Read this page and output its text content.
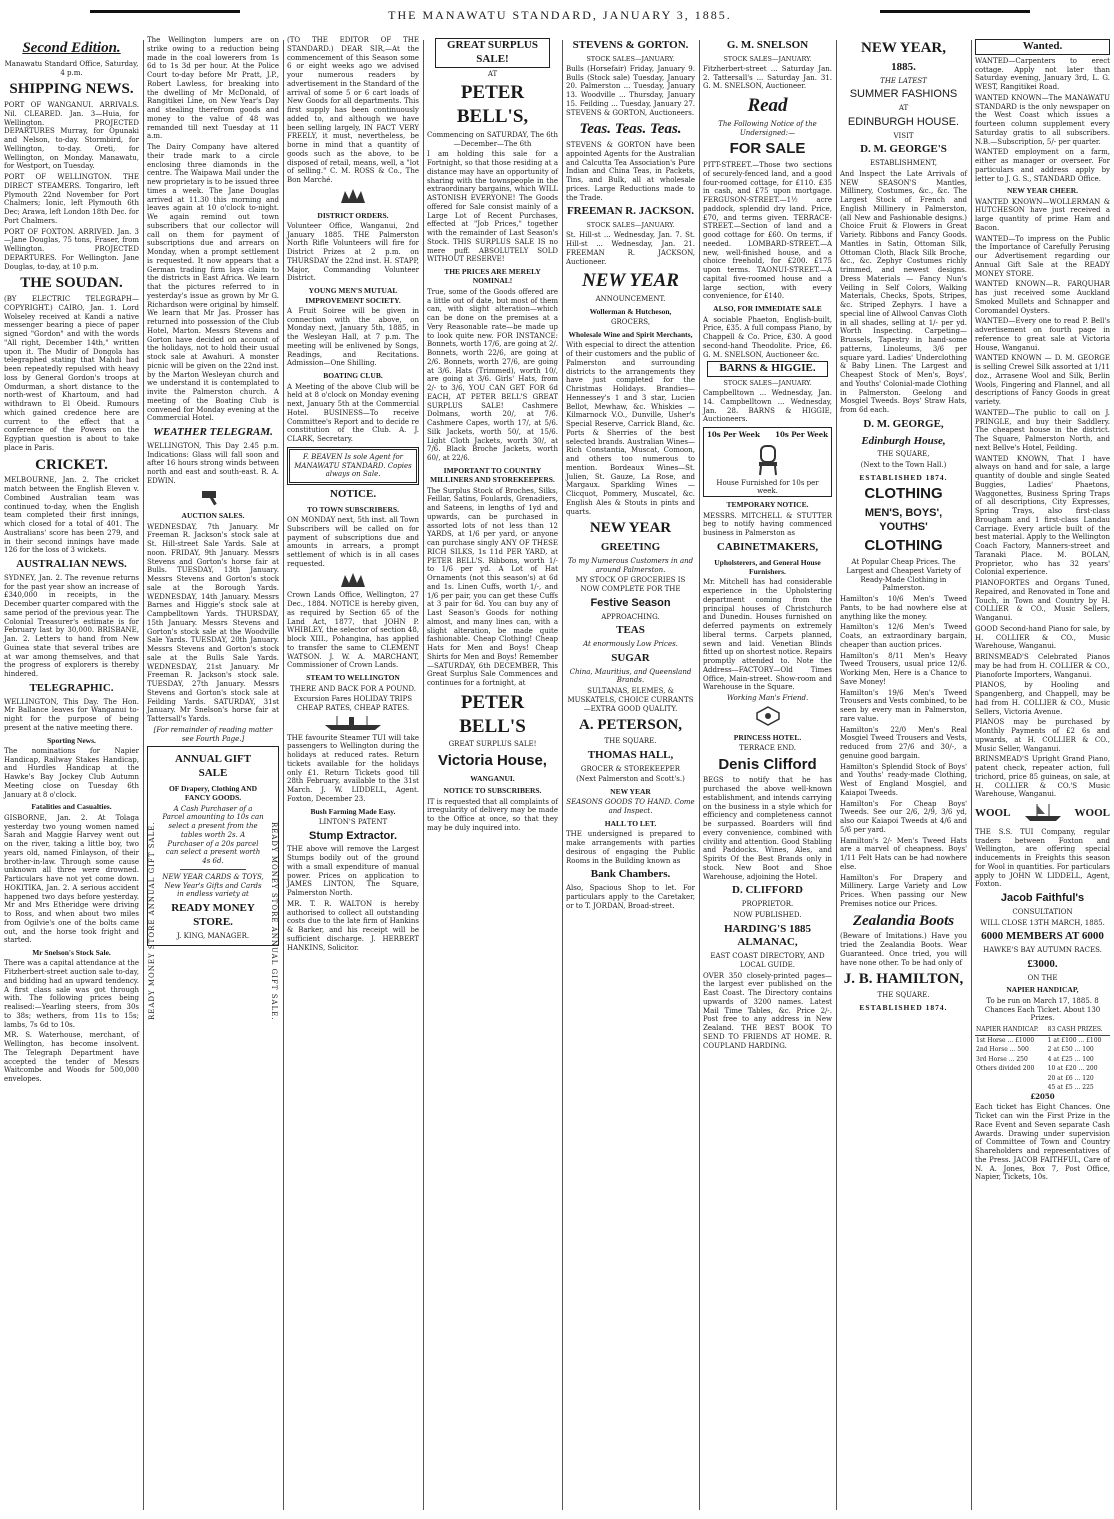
THE MANAWATU STANDARD, JANUARY 3, 1885.
Second Edition.

Manawatu Standard Office, Saturday, 4 p.m.

SHIPPING NEWS.

PORT OF WANGANUI. ARRIVALS. Nil. CLEARED. Jan. 3—Huia, for Wellington. PROJECTED DEPARTURES Murray, for Opunaki and Nelson, to-day. Stormbird, for Wellington, to-day. Oreti, for Wellington, on Monday. Manawatu, for Westport, on Tuesday.

PORT OF WELLINGTON. THE DIRECT STEAMERS. Tongariro, left Plymouth 22nd November for Port Chalmers; Ionic, left Plymouth 6th Dec; Arawa, left London 18th Dec. for Port Chalmers.

PORT OF FOXTON. ARRIVED. Jan. 3—Jane Douglas, 75 tons, Fraser, from Wellington. PROJECTED DEPARTURES. For Wellington. Jane Douglas, to-day, at 10 p.m.

THE SOUDAN.

(BY ELECTRIC TELEGRAPH—COPYRIGHT.) CAIRO, Jan. 1. Lord Wolseley received at Kandi a native messenger bearing a piece of paper signed "Gordon" and with the words "All right, December 14th," written upon it. The Mudir of Dongola has telegraphed stating that Mahdi had been repeatedly repulsed with heavy loss by General Gordon's troops at Omdurman, a short distance to the north-west of Khartoum, and had withdrawn to El Obeid. Rumours which gained credence here are current to the effect that a conference of the Powers on the Egyptian question is about to take place in Paris.

CRICKET.

MELBOURNE, Jan. 2. The cricket match between the English Eleven v. Combined Australian team was continued to-day, when the English team completed their first innings, which closed for a total of 401. The Australians' score has been 279, and in their second innings have made 126 for the loss of 3 wickets.

AUSTRALIAN NEWS.

SYDNEY, Jan. 2. The revenue returns for the past year show an increase of £340,000 in receipts, in the December quarter compared with the same period of the previous year. The Colonial Treasurer's estimate is for February last by 30,000. BRISBANE, Jan. 2. Letters to hand from New Guinea state that several tribes are at war among themselves, and that the progress of explorers is thereby hindered.

TELEGRAPHIC.

WELLINGTON, This Day. The Hon. Mr Ballance leaves for Wanganui to-night for the purpose of being present at the native meeting there.

Sporting News.

The nominations for Napier Handicap, Railway Stakes Handicap, and Hurdles Handicap at the Hawke's Bay Jockey Club Autumn Meeting close on Tuesday 6th January at 8 o'clock.

Fatalities and Casualties.

GISBORNE, Jan. 2. At Tolaga yesterday two young women named Sarah and Maggie Harvey went out on the river, taking a little boy, two years old, named Finlayson, of their brother-in-law. Through some cause unknown all three were drowned. Particulars have not yet come down. HOKITIKA, Jan. 2. A serious accident happened two days before yesterday. Mr and Mrs Etheridge were driving to Ross, and when about two miles from Ogilvie's one of the bolts came out, and the horse took fright and started.

Mr Snelson's Stock Sale.

There was a capital attendance at the Fitzherbert-street auction sale to-day, and bidding had an upward tendency. A first class sale was got through with. The following prices being realised:—Yearling steers, from 30s to 38s; wethers, from 11s to 15s; lambs, 7s 6d to 10s.

MR. S. Waterhouse, merchant, of Wellington, has become insolvent. The Telegraph Department have accepted the tender of Messrs Waitcombe and Woods for 500,000 envelopes.

The Wellington lumpers are on strike owing to a reduction being made in the coal lowerers from 1s 6d to 1s 3d per hour. At the Police Court to-day before Mr Pratt, J.P., Robert Lawless, for breaking into the dwelling of Mr McDonald, of Rangitikei Line, on New Year's Day and stealing therefrom goods and money to the value of 48 was remanded till next Tuesday at 11 a.m.

The Dairy Company have altered their trade mark to a circle enclosing three diamonds in the centre. The Waipawa Mail under the new proprietary is to be issued three times a week. The Jane Douglas arrived at 11.30 this morning and leaves again at 10 o'clock to-night. We again remind out town subscribers that our collector will call on them for payment of subscriptions due and arrears on Monday, when a prompt settlement is requested. It now appears that a German trading firm lays claim to the districts in East Africa. We learn that the pictures referred to in yesterday's issue as grown by Mr G. Richardson were original by himself. We learn that Mr Jas. Prosser has returned into possession of the Club Hotel, Marton. Messrs Stevens and Gorton have decided on account of the holidays, not to hold their usual stock sale at Awahuri. A monster picnic will be given on the 22nd inst. by the Marton Wesleyan church and we understand it is contemplated to invite the Palmerston church. A meeting of the Boating Club is convened for Monday evening at the Commercial Hotel.

WEATHER TELEGRAM.

WELLINGTON, This Day 2.45 p.m. Indications: Glass will fall soon and after 16 hours strong winds between north and east and south-east. R. A. EDWIN.

AUCTION SALES.

WEDNESDAY, 7th January. Mr Freeman R. Jackson's stock sale at St. Hill-street Sale Yards. Sale at noon. FRIDAY, 9th January. Messrs Stevens and Gorton's horse fair at Bulls. TUESDAY, 13th January. Messrs Stevens and Gorton's stock sale at the Borough Yards. WEDNESDAY, 14th January. Messrs Barnes and Higgie's stock sale at Campbelltown Yards. THURSDAY, 15th January. Messrs Stevens and Gorton's stock sale at the Woodville Sale Yards. TUESDAY, 20th January. Messrs Stevens and Gorton's stock sale at the Bulls Sale Yards. WEDNESDAY, 21st January. Mr Freeman R. Jackson's stock sale. TUESDAY, 27th January. Messrs Stevens and Gorton's stock sale at Feilding Yards. SATURDAY, 31st January. Mr Snelson's horse fair at Tattersall's Yards.

[For remainder of reading matter see Fourth Page.]

READY MONEY STORE ANNUAL GIFT SALE.	READY MONEY STORE ANNUAL GIFT SALE.
ANNUAL GIFT SALE
OF Drapery, Clothing AND FANCY GOODS.

A Cash Purchaser of a Parcel amounting to 10s can select a present from the tables worth 2s. A Purchaser of a 20s parcel can select a present worth 4s 6d.

NEW YEAR CARDS & TOYS, New Year's Gifts and Cards in endless variety at

READY MONEY STORE.

J. KING, MANAGER.

(TO THE EDITOR OF THE STANDARD.) DEAR SIR,—At the commencement of this Season some 6 or eight weeks ago we advised your numerous readers by advertisement in the Standard of the arrival of some 5 or 6 cart loads of New Goods for all departments. This first supply has been continuously added to, and although we have been selling largely, IN FACT VERY FREELY, it must, nevertheless, be borne in mind that a quantity of goods such as the above, to be disposed of retail, means, well, a "lot of selling." C. M. ROSS & Co., The Bon Marché.

DISTRICT ORDERS.

Volunteer Office, Wanganui, 2nd January 1885. THE Palmerston North Rifle Volunteers will fire for District Prizes at 2 p.m. on THURSDAY the 22nd inst. H. STAPP, Major, Commanding Volunteer District.

YOUNG MEN'S MUTUAL IMPROVEMENT SOCIETY.

A Fruit Soiree will be given in connection with the above, on Monday next, January 5th, 1885, in the Wesleyan Hall, at 7 p.m. The meeting will be enlivened by Songs, Readings, and Recitations. Admission—One Shilling.

BOATING CLUB.

A Meeting of the above Club will be held at 8 o'clock on Monday evening next, January 5th at the Commercial Hotel. BUSINESS—To receive Committee's Report and to decide re constitution of the Club. A. J. CLARK, Secretary.

F. BEAVEN Is sole Agent for MANAWATU STANDARD. Copies always on Sale.
NOTICE.
TO TOWN SUBSCRIBERS.

ON MONDAY next, 5th inst. all Town Subscribers will be called on for payment of subscriptions due and amounts in arrears, a prompt settlement of which is in all cases requested.

Crown Lands Office, Wellington, 27 Dec., 1884. NOTICE is hereby given, as required by Section 65 of the Land Act, 1877, that JOHN P. WHIBLEY, the selector of section 48, block XIII., Pohangina, has applied to transfer the same to CLEMENT WATSON. J. W. A. MARCHANT, Commissioner of Crown Lands.

STEAM TO WELLINGTON

THERE AND BACK FOR A POUND.

Excursion Fares HOLIDAY TRIPS CHEAP RATES, CHEAP RATES.

THE favourite Steamer TUI will take passengers to Wellington during the holidays at reduced rates. Return tickets available for the holidays only £1. Return Tickets good till 28th February, available to the 31st March. J. W. LIDDELL, Agent. Foxton, December 23.

Bush Farming Made Easy.

LINTON'S PATENT

Stump Extractor.

THE above will remove the Largest Stumps bodily out of the ground with a small expenditure of manual power. Prices on application to JAMES LINTON, The Square, Palmerston North.

MR. T. R. WALTON is hereby authorised to collect all outstanding costs due to the late firm of Hankins & Barker, and his receipt will be sufficient discharge. J. HERBERT HANKINS, Solicitor.

GREAT SURPLUS SALE!

AT

PETER BELL'S,

Commencing on SATURDAY, The 6th—December—The 6th

I am holding this sale for a Fortnight, so that those residing at a distance may have an opportunity of sharing with the townspeople in the extraordinary bargains, which WILL ASTONISH EVERYONE! The Goods offered for Sale consist mainly of a Large Lot of Recent Purchases, effected at "Job Prices," together with the remainder of Last Season's Stock. THIS SURPLUS SALE IS no mere puff. ABSOLUTELY SOLD WITHOUT RESERVE!

THE PRICES ARE MERELY NOMINAL!

True, some of the Goods offered are a little out of date, but most of them can, with slight alteration—which can be done on the premises at a Very Reasonable rate—be made up to look quite new. FOR INSTANCE: Bonnets, worth 17/6, are going at 2/. Bonnets, worth 22/6, are going at 2/6. Bonnets, worth 27/6, are going at 3/6. Hats (Trimmed), worth 10/, are going at 3/6. Girls' Hats, from 2/- to 3/6, YOU CAN GET FOR 6d EACH, AT PETER BELL'S GREAT SURPLUS SALE! Cashmere Dolmans, worth 20/, at 7/6. Cashmere Capes, worth 17/, at 5/6. Silk Jackets, worth 50/, at 15/6. Light Cloth Jackets, worth 30/, at 7/6. Black Broche Jackets, worth 60/, at 22/6.

IMPORTANT TO COUNTRY MILLINERS AND STOREKEEPERS.

The Surplus Stock of Broches, Silks, Feillar, Satins, Foulards, Grenadiers, and Sateens, in lengths of 1yd and upwards, can be purchased in assorted lots of not less than 12 YARDS, at 1/6 per yard, or anyone can purchase singly ANY OF THESE RICH SILKS, 1s 11d PER YARD, at PETER BELL'S. Ribbons, worth 1/- to 1/6 per yd. A Lot of Hat Ornaments (not this season's) at 6d and 1s. Linen Cuffs, worth 1/-, and 1/6 per pair, you can get these Cuffs at 3 pair for 6d. You can buy any of Last Season's Goods for nothing almost, and many lines can, with a slight alteration, be made quite fashionable. Cheap Clothing! Cheap Hats for Men and Boys! Cheap Shirts for Men and Boys! Remember—SATURDAY, 6th DECEMBER, This Great Surplus Sale Commences and continues for a fortnight, at

PETER BELL'S

GREAT SURPLUS SALE!

Victoria House,
WANGANUI.
NOTICE TO SUBSCRIBERS.

IT is requested that all complaints of irregularity of delivery may be made to the Office at once, so that they may be duly inquired into.

STEVENS & GORTON.

STOCK SALES—JANUARY.

Bulls (Horsefair) Friday, January 9. Bulls (Stock sale) Tuesday, January 20. Palmerston ... Tuesday, January 13. Woodville ... Thursday, January 15. Feilding ... Tuesday, January 27. STEVENS & GORTON, Auctioneers.

Teas. Teas. Teas.

STEVENS & GORTON have been appointed Agents for the Australian and Calcutta Tea Association's Pure Indian and China Teas, in Packets, Tins, and Bulk, all at wholesale prices. Large Reductions made to the Trade.

FREEMAN R. JACKSON.

STOCK SALES—JANUARY.

St. Hill-st ... Wednesday, Jan. 7. St. Hill-st ... Wednesday, Jan. 21. FREEMAN R. JACKSON, Auctioneer.

NEW YEAR

ANNOUNCEMENT.

Wollerman & Hutcheson,

GROCERS,

Wholesale Wine and Spirit Merchants,

With especial to direct the attention of their customers and the public of Palmerston and surrounding districts to the arrangements they have just completed for the Christmas Holidays. Brandies—Hennessey's 1 and 3 star, Lucien Bellot, Mewhaw, &c. Whiskies — Kilmarnock V.O., Dunville, Usher's Special Reserve, Carrick Bland, &c. Ports & Sherries of the best selected brands. Australian Wines—Rich Constantia, Muscat, Comoon, and others too numerous to mention. Bordeaux Wines—St. Julien, St. Gauze, La Rose, and Margaux. Sparkling Wines — Clicquot, Pommery, Muscatel, &c. English Ales & Stouts in pints and quarts.

NEW YEAR
GREETING

To my Numerous Customers in and around Palmerston.

MY STOCK OF GROCERIES IS NOW COMPLETE FOR THE

Festive Season

APPROACHING.

TEAS

At enormously Low Prices.

SUGAR

China, Mauritius, and Queensland Brands.

SULTANAS, ELEMES, & MUSKATELS, CHOICE CURRANTS—EXTRA GOOD QUALITY.

A. PETERSON,

THE SQUARE.

THOMAS HALL,

GROCER & STOREKEEPER

(Next Palmerston and Scott's.)

NEW YEAR

SEASONS GOODS TO HAND. Come and Inspect.

HALL TO LET.

THE undersigned is prepared to make arrangements with parties desirous of engaging the Public Rooms in the Building known as

Bank Chambers.

Also, Spacious Shop to let. For particulars apply to the Caretaker, or to T. JORDAN, Broad-street.

G. M. SNELSON

STOCK SALES—JANUARY.

Fitzherbert-street ... Saturday Jan. 2. Tattersall's ... Saturday Jan. 31. G. M. SNELSON, Auctioneer.

Read

The Following Notice of the Undersigned:—

FOR SALE

PITT-STREET.—Those two sections of securely-fenced land, and a good four-roomed cottage, for £110. £35 in cash, and £75 upon mortgage. FERGUSON-STREET.—1½ acre paddock, splendid dry land. Price, £70, and terms given. TERRACE-STREET.—Section of land and a good cottage for £60. On terms, if needed. LOMBARD-STREET.—A new, well-finished house, and a choice freehold, for £200. £175 upon terms. TAONUI-STREET.—A capital five-roomed house and a large section, with every convenience, for £140.

ALSO, FOR IMMEDIATE SALE

A sociable Phaeton, English-built, Price, £35. A full compass Piano, by Chappell & Co. Price, £30. A good second-hand Theodolite. Price, £6. G. M. SNELSON, Auctioneer &c.

BARNS & HIGGIE.

STOCK SALES—JANUARY.

Campbelltown ... Wednesday, Jan. 14. Campbelltown ... Wednesday, Jan. 28. BARNS & HIGGIE, Auctioneers.

10s Per Week 10s Per Week

House Furnished for 10s per week.

TEMPORARY NOTICE.

MESSRS. MITCHELL & STUTTER beg to notify having commenced business in Palmerston as

CABINETMAKERS,
Upholsterers, and General House Furnishers.

Mr. Mitchell has had considerable experience in the Upholstering department coming from the principal houses of Christchurch and Dunedin. Houses furnished on deferred payments on extremely liberal terms. Carpets planned, sewn and laid. Venetian Blinds fitted up on shortest notice. Repairs promptly attended to. Note the Address—FACTORY—Old Times Office, Main-street. Show-room and Warehouse in the Square.

Working Man's Friend.

PRINCESS HOTEL.

TERRACE END.

Denis Clifford

BEGS to notify that he has purchased the above well-known establishment, and intends carrying on the business in a style which for efficiency and completeness cannot be surpassed. Boarders will find every convenience, combined with civility and attention. Good Stabling and Paddocks. Wines, Ales, and Spirits Of the Best Brands only in stock. New Boot and Shoe Warehouse, adjoining the Hotel.

D. CLIFFORD

PROPRIETOR.

NOW PUBLISHED.

HARDING'S 1885 ALMANAC,

EAST COAST DIRECTORY, AND LOCAL GUIDE.

OVER 350 closely-printed pages—the largest ever published on the East Coast. The Directory contains upwards of 3200 names. Latest Mail Time Tables, &c. Price 2/-. Post free to any address in New Zealand. THE BEST BOOK TO SEND TO FRIENDS AT HOME. R. COUPLAND HARDING.

NEW YEAR,
1885.

THE LATEST

SUMMER FASHIONS

AT

EDINBURGH HOUSE.

VISIT

D. M. GEORGE'S

ESTABLISHMENT,

And Inspect the Late Arrivals of NEW SEASON'S Mantles, Millinery, Costumes, &c., &c. The Largest Stock of French and English Millinery in Palmerston, (all New and Fashionable designs.) Choice Fruit & Flowers in Great Variety. Ribbons and Fancy Goods. Mantles in Satin, Ottoman Silk, Ottoman Cloth, Black Silk Broche, &c., &c. Zephyr Costumes richly trimmed, and newest designs. Dress Materials — Fancy Nun's Veiling in Self Colors, Walking Materials, Checks, Spots, Stripes, &c. Striped Zephyrs. I have a special line of Allwool Canvas Cloth in all shades, selling at 1/- per yd. Worth Inspecting. Carpeting—Brussels, Tapestry in hand-some patterns, Linoleums, 3/6 per square yard. Ladies' Underclothing & Baby Linen. The Largest and Cheapest Stock of Men's, Boys', and Youths' Colonial-made Clothing in Palmerston. Geelong and Mosgiel Tweeds. Boys' Straw Hats, from 6d each.

D. M. GEORGE,
Edinburgh House,

THE SQUARE,

(Next to the Town Hall.)

ESTABLISHED 1874.
CLOTHING
MEN'S, BOYS', YOUTHS'
CLOTHING

At Popular Cheap Prices. The Largest and Cheapest Variety of Ready-Made Clothing in Palmerston.

Hamilton's 10/6 Men's Tweed Pants, to be had nowhere else at anything like the money.

Hamilton's 12/6 Men's Tweed Coats, an extraordinary bargain, cheaper than auction prices.

Hamilton's 8/11 Men's Heavy Tweed Trousers, usual price 12/6. Working Men, Here is a Chance to Save Money!

Hamilton's 19/6 Men's Tweed Trousers and Vests combined, to be seen by every man in Palmerston, rare value.

Hamilton's 22/0 Men's Real Mosgiel Tweed Trousers and Vests, reduced from 27/6 and 30/-, a genuine good bargain.

Hamilton's Splendid Stock of Boys' and Youths' ready-made Clothing, West of England Mosgiel, and Kaiapoi Tweeds.

Hamilton's For Cheap Boys' Tweeds. See our 2/6, 2/9, 3/6 yd, also our Kaiapoi Tweeds at 4/6 and 5/6 per yard.

Hamilton's 2/- Men's Tweed Hats are a marvel of cheapness. Boys' 1/11 Felt Hats can be had nowhere else.

Hamilton's For Drapery and Millinery. Large Variety and Low Prices. When passing our New Premises notice our Prices.

Zealandia Boots

(Beware of Imitations.) Have you tried the Zealandia Boots. Wear Guaranteed. Once tried, you will have none other. To be had only of

J. B. HAMILTON,

THE SQUARE.

ESTABLISHED 1874.
Wanted.

WANTED—Carpenters to erect cottage. Apply not later than Saturday evening, January 3rd, L. G. WEST, Rangitikei Road.

WANTED KNOWN—The MANAWATU STANDARD is the only newspaper on the West Coast which issues a fourteen column supplement every Saturday gratis to all subscribers. N.B.—Subscription, 5/- per quarter.

WANTED employment on a farm, either as manager or overseer. For particulars and address apply by letter to J. G. S., STANDARD Office.

NEW YEAR CHEER.

WANTED KNOWN—WOLLERMAN & HUTCHESON have just received a large quantity of prime Ham and Bacon.

WANTED—To impress on the Public the Importance of Carefully Perusing our Advertisement regarding our Annual Gift Sale at the READY MONEY STORE.

WANTED KNOWN—R. FARQUHAR has just received some Auckland Smoked Mullets and Schnapper and Coromandel Oysters.

WANTED—Every one to read P. Bell's advertisement on fourth page in reference to great sale at Victoria House, Wanganui.

WANTED KNOWN — D. M. GEORGE is selling Crewel Silk assorted at 1/11 doz., Arrasene Wool and Silk, Berlin Wools, Fingering and Flannel, and all descriptions of Fancy Goods in great variety.

WANTED—The public to call on J. PRINGLE, and buy their Saddlery. The cheapest house in the district. The Square, Palmerston North, and next Bellve's Hotel, Feilding.

WANTED KNOWN, That I have always on hand and for sale, a large quantity of double and single Seated Buggies, Ladies' Phaetons, Waggonettes, Business Spring Traps of all descriptions, City Expresses, Spring Trays, also first-class Brougham and 1 first-class Landau Carriage. Every article built of the best material. Apply to the Wellington Coach Factory, Manners-street and Taranaki Place. M. BOLAN, Proprietor, who has 32 years' Colonial experience.

PIANOFORTES and Organs Tuned, Repaired, and Renovated in Tone and Touch, in Town and Country by H. COLLIER & CO., Music Sellers, Wanganui.

GOOD Second-hand Piano for sale, by H. COLLIER & CO., Music Warehouse, Wanganui.

BRINSMEAD'S Celebrated Pianos may be had from H. COLLIER & CO., Pianoforte Importers, Wanganui.

PIANOS, by Hooling and Spangenberg, and Chappell, may be had from H. COLLIER & CO., Music Sellers, Victoria Avenue.

PIANOS may be purchased by Monthly Payments of £2 6s and upwards, at H. COLLIER & CO., Music Seller, Wanganui.

BRINSMEAD'S Upright Grand Piano, patent check, repeater action, full trichord, price 85 guineas, on sale, at H. COLLIER & CO.'S Music Warehouse, Wanganui.

WOOL	WOOL

THE S.S. TUI Company, regular traders between Foxton and Wellington, are offering special inducements in Freights this season for Wool in quantities. For particulars apply to JOHN W. LIDDELL, Agent, Foxton.

Jacob Faithful's

CONSULTATION

WILL CLOSE 13TH MARCH, 1885.

6000 MEMBERS AT 6000

HAWKE'S BAY AUTUMN RACES.

£3000.

ON THE

NAPIER HANDICAP,

To be run on March 17, 1885. 8 Chances Each Ticket. About 130 Prizes.

NAPIER HANDICAP.	83 CASH PRIZES.
1st Horse ... £1000	1 at £100 ... £100
2nd Horse ... 500	2 at £50 ... 100
3rd Horse ... 250	4 at £25 ... 100
Others divided 200	10 at £20 ... 200
	20 at £6 ... 120
	45 at £5 ... 225

£2050

Each ticket has Eight Chances. One Ticket can win the First Prize in the Race Event and Seven separate Cash Awards. Drawing under supervision of Committee of Town and Country Shareholders and representatives of the Press. JACOB FAITHFUL, Care of N. A. Jones, Box 7, Post Office, Napier, Tickets, 10s.
